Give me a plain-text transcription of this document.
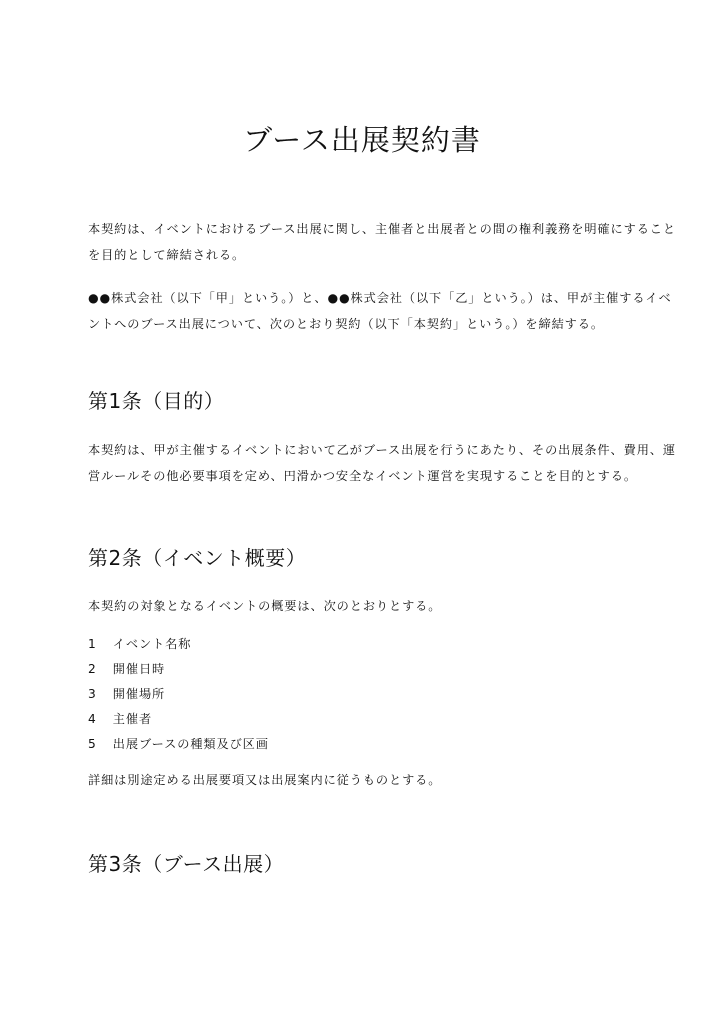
ブース出展契約書
本契約は、イベントにおけるブース出展に関し、主催者と出展者との間の権利義務を明確にすること
を目的として締結される。
●●株式会社（以下「甲」という。）と、●●株式会社（以下「乙」という。）は、甲が主催するイベ
ントへのブース出展について、次のとおり契約（以下「本契約」という。）を締結する。
第1条（目的）
本契約は、甲が主催するイベントにおいて乙がブース出展を行うにあたり、その出展条件、費用、運
営ルールその他必要事項を定め、円滑かつ安全なイベント運営を実現することを目的とする。
第2条（イベント概要）
本契約の対象となるイベントの概要は、次のとおりとする。
1 イベント名称
2 開催日時
3 開催場所
4 主催者
5 出展ブースの種類及び区画
詳細は別途定める出展要項又は出展案内に従うものとする。
第3条（ブース出展）
